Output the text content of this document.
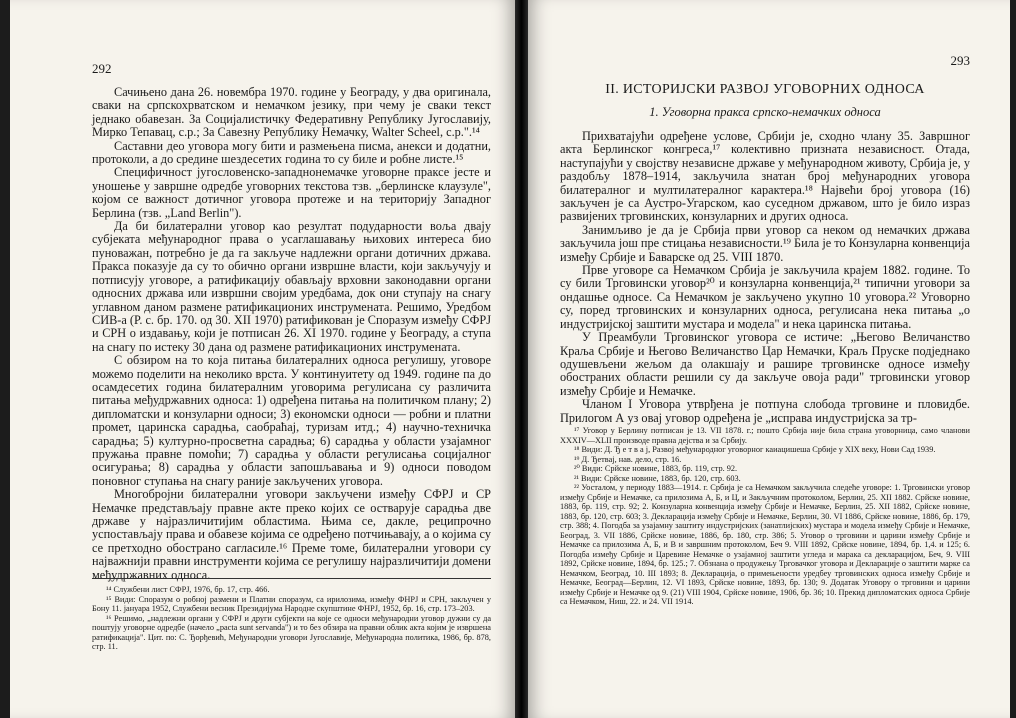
292

Сачињено дана 26. новембра 1970. године у Београду, у два оригинала, сваки на српскохрватском и немачком језику, при чему је сваки текст једнако обавезан. За Социјалистичку Федеративну Републику Југославију, Мирко Тепавац, с.р.; За Савезну Републику Немачку, Walter Scheel, с.р.".¹⁴

Саставни део уговора могу бити и размењена писма, анекси и додатни, протоколи, а до средине шездесетих година то су биле и робне листе.¹⁵

Специфичност југословенско-западнонемачке уговорне праксе јесте и уношење у завршне одредбе уговорних текстова тзв. „берлинске клаузуле", којом се важност дотичног уговора протеже и на територију Западног Берлина (тзв. „Land Berlin").

Да би билатерални уговор као резултат подударности воља двају субјеката међународног права о усаглашавању њихових интереса био пуноважан, потребно је да га закључе надлежни органи дотичних држава. Пракса показује да су то обично органи извршне власти, који закључују и потписују уговоре, а ратификацију обављају врховни законодавни органи односних држава или извршни својим уредбама, док они ступају на снагу углавном даном размене ратификационих инструмената. Решимо, Уредбом СИВ-а (Р. с. бр. 170. од 30. XII 1970) ратификован је Споразум између СФРЈ и СРН о издавању, који је потписан 26. XI 1970. године у Београду, а ступа на снагу по истеку 30 дана од размене ратификационих инструмената.

С обзиром на то која питања билатералних односа регулишу, уговоре можемо поделити на неколико врста. У континуитету од 1949. године па до осамдесетих година билатералним уговорима регулисана су различита питања међудржавних односа: 1) одређена питања на политичком плану; 2) дипломатски и конзуларни односи; 3) економски односи — робни и платни промет, царинска сарадња, саобраћај, туризам итд.; 4) научно-техничка сарадња; 5) културно-просветна сарадња; 6) сарадња у области узајамног пружања правне помоћи; 7) сарадња у области регулисања социјалног осигурања; 8) сарадња у области запошљавања и 9) односи поводом поновног ступања на снагу раније закључених уговора.

Многобројни билатерални уговори закључени између СФРЈ и СР Немачке представљају правне акте преко којих се остварује сарадња две државе у најразличитијим областима. Њима се, дакле, реципрочно успостављају права и обавезе којима се одређено потчињавају, а о којима су се претходно обострано сагласиле.¹⁶ Преме томе, билатерални уговори су најважнији правни инструменти којима се регулишу најразличитији домени међудржавних односа.

¹⁴ Службени лист СФРЈ, 1976, бр. 17, стр. 466.

¹⁵ Види: Споразум о робној размени и Платни споразум, са ирилозима, између ФНРЈ и СРН, закључен у Бону 11. јануара 1952, Службени весник Президијума Народне скупштине ФНРЈ, 1952, бр. 16, стр. 173–203.

¹⁶ Решимо, „надлежни органи у СФРЈ и други субјекти на које се односи међународни уговор дужни су да поштују уговорне одредбе (начело „pacta sunt servanda") и то без обзира на правни облик акта којим је извршена ратификација". Цит. по: С. Ђорђевић, Међународни уговори Југославије, Међународна политика, 1986, бр. 878, стр. 11.

293
II. ИСТОРИЈСКИ РАЗВОЈ УГОВОРНИХ ОДНОСА
1. Уговорна пракса српско-немачких односа

Прихватајући одређене услове, Србији је, сходно члану 35. Завршног акта Берлинског конгреса,¹⁷ колективно призната независност. Отада, наступајући у својству независне државе у међународном животу, Србија је, у раздобљу 1878–1914, закључила знатан број међународних уговора билатералног и мултилатералног карактера.¹⁸ Највећи број уговора (16) закључен је са Аустро-Угарском, као суседном државом, што је било израз развијених трговинских, конзуларних и других односа.

Занимљиво је да је Србија први уговор са неком од немачких држава закључила још пре стицања независности.¹⁹ Била је то Конзуларна конвенција између Србије и Баварске од 25. VIII 1870.

Прве уговоре са Немачком Србија је закључила крајем 1882. године. То су били Трговински уговор²⁰ и конзуларна конвенција,²¹ типични уговори за ондашње односе. Са Немачком је закључено укупно 10 уговора.²² Уговорно су, поред трговинских и конзуларних односа, регулисана нека питања „о индустријској заштити мустара и модела" и нека царинска питања.

У Преамбули Трговинског уговора се истиче: „Његово Величанство Краља Србије и Његово Величанство Цар Немачки, Краљ Пруске подједнако одушевљени жељом да олакшају и рашире трговинске односе између обостраних области решили су да закључе овоја ради" трговински уговор између Србије и Немачке.

Чланом I Уговора утврђена је потпуна слобода трговине и пловидбе. Прилогом А уз овај уговор одређена је „исправа индустријска за тр-

¹⁷ Уговор у Берлину потписан је 13. VII 1878. г.; пошто Србија није била страна уговорница, само чланови XXXIV—XLII производе правна дејства и за Србију.

¹⁸ Види: Д. Ђ е т в а ј, Развој међународног уговорног каиацишеша Србије у XIX веку, Нови Сад 1939.

¹⁹ Д. Ђетвај, нав. дело, стр. 16.

²⁰ Види: Срйске новине, 1883, бр. 119, стр. 92.

²¹ Види: Срйске новине, 1883, бр. 120, стр. 603.

²² Уосталом, у периоду 1883—1914. г. Србија је са Немачком закључила следеће уговоре: 1. Трговински уговор између Србије и Немачке, са прилозима А, Б, и Ц, и Закључним протоколом, Берлин, 25. XII 1882. Срйске новине, 1883, бр. 119, стр. 92; 2. Конзуларна конвенција између Србије и Немачке, Берлин, 25. XII 1882, Срйске новине, 1883, бр. 120, стр. 603; 3. Декларација између Србије и Немачке, Берлин, 30. VI 1886, Срйске новине, 1886, бр. 179, стр. 388; 4. Погодба за узајамну заштиту индустријских (занатлијских) мустара и модела између Србије и Немачке, Београд, 3. VII 1886, Срйске новине, 1886, бр. 180, стр. 386; 5. Уговор о трговини и царини између Србије и Немачке са прилозима А, Б, и В и завршним протоколом, Беч 9. VIII 1892, Срйске новине, 1894, бр. 1,4. и 125; 6. Погодба између Србије и Царевине Немачке о узајамној заштити угледа и марака са декларацијом, Беч, 9. VIII 1892, Срйске новине, 1894, бр. 125.; 7. Обзнана о продужењу Трговачког уговора и Декларације о заштити марке са Немачком, Београд, 10. III 1893; 8. Декларација, о примењености уредбеу трговинских односа између Србије и Немачке, Београд—Берлин, 12. VI 1893, Срйске новине, 1893, бр. 130; 9. Додатак Уговору о трговини и царини између Србије и Немачке од 9. (21) VIII 1904, Срйске новине, 1906, бр. 36; 10. Прекид дипломатских односа Србије са Немачком, Ниш, 22. и 24. VII 1914.
